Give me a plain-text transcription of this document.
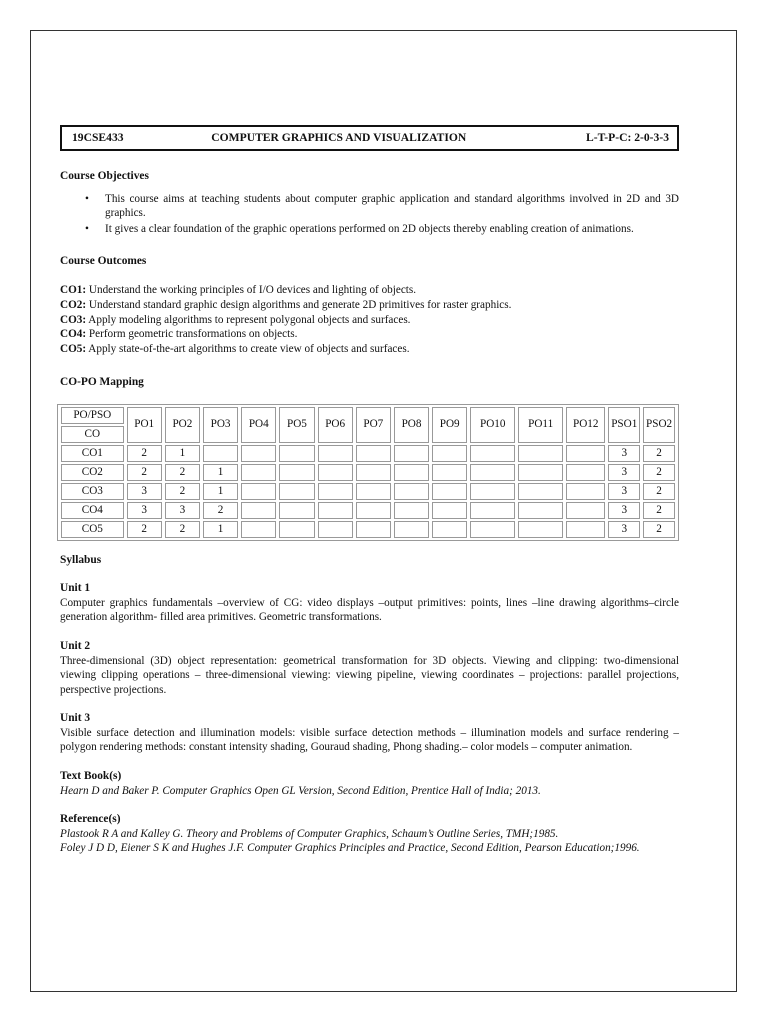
19CSE433	COMPUTER GRAPHICS AND VISUALIZATION	L-T-P-C: 2-0-3-3
Course Objectives
• This course aims at teaching students about computer graphic application and standard algorithms involved in 2D and 3D graphics.
• It gives a clear foundation of the graphic operations performed on 2D objects thereby enabling creation of animations.
Course Outcomes
CO1: Understand the working principles of I/O devices and lighting of objects.
CO2: Understand standard graphic design algorithms and generate 2D primitives for raster graphics.
CO3: Apply modeling algorithms to represent polygonal objects and surfaces.
CO4: Perform geometric transformations on objects.
CO5: Apply state-of-the-art algorithms to create view of objects and surfaces.
CO-PO Mapping
PO/PSO	PO1	PO2	PO3	PO4	PO5	PO6	PO7	PO8	PO9	PO10	PO11	PO12	PSO1	PSO2
CO														
CO1	2	1											3	2
CO2	2	2	1										3	2
CO3	3	2	1										3	2
CO4	3	3	2										3	2
CO5	2	2	1										3	2
Syllabus
Unit 1

Computer graphics fundamentals –overview of CG: video displays –output primitives: points, lines –line drawing algorithms–circle generation algorithm- filled area primitives. Geometric transformations.

Unit 2

Three-dimensional (3D) object representation: geometrical transformation for 3D objects. Viewing and clipping: two-dimensional viewing clipping operations – three-dimensional viewing: viewing pipeline, viewing coordinates – projections: parallel projections, perspective projections.

Unit 3

Visible surface detection and illumination models: visible surface detection methods – illumination models and surface rendering – polygon rendering methods: constant intensity shading, Gouraud shading, Phong shading.– color models – computer animation.

Text Book(s)

Hearn D and Baker P. Computer Graphics Open GL Version, Second Edition, Prentice Hall of India; 2013.

Reference(s)

Plastook R A and Kalley G. Theory and Problems of Computer Graphics, Schaum’s Outline Series, TMH;1985.

Foley J D D, Eiener S K and Hughes J.F. Computer Graphics Principles and Practice, Second Edition, Pearson Education;1996.
